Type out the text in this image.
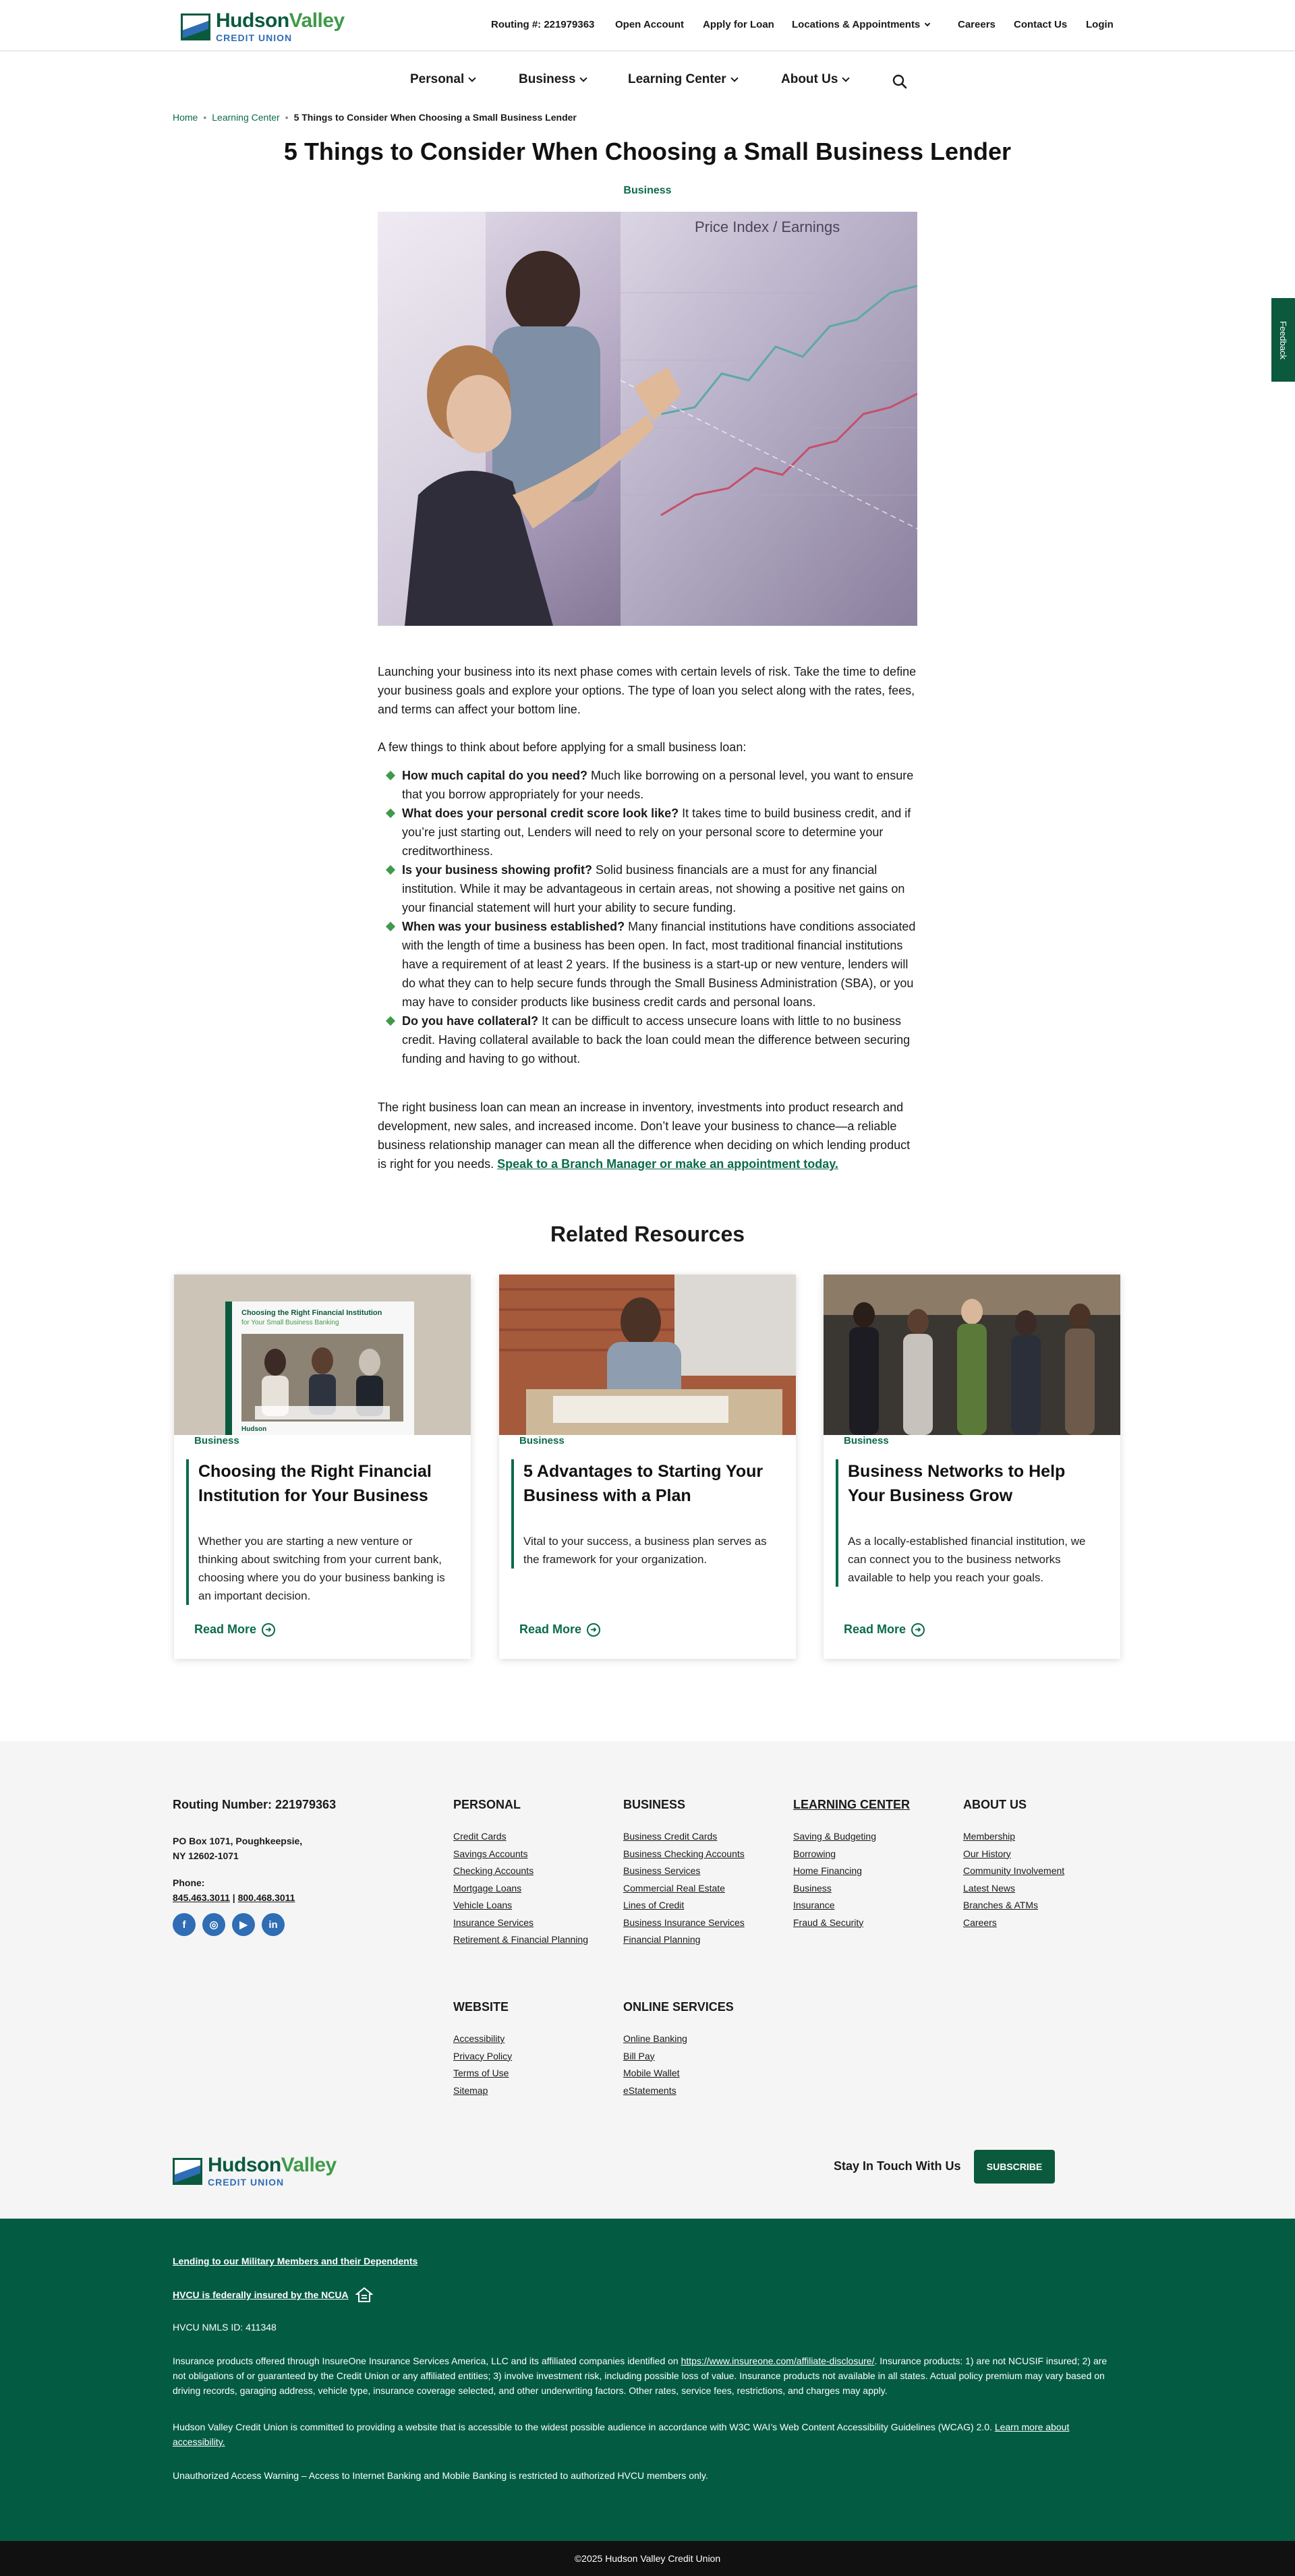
HudsonValley
CREDIT UNION
Routing #: 221979363 Open Account Apply for Loan Locations & Appointments	Careers Contact Us Login
Personal	Business	Learning Center	About Us
Home • Learning Center • 5 Things to Consider When Choosing a Small Business Lender
5 Things to Consider When Choosing a Small Business Lender
Business
Price Index / Earnings

Launching your business into its next phase comes with certain levels of risk. Take the time to define your business goals and explore your options. The type of loan you select along with the rates, fees, and terms can affect your bottom line.

A few things to think about before applying for a small business loan:

How much capital do you need? Much like borrowing on a personal level, you want to ensure that you borrow appropriately for your needs.
What does your personal credit score look like? It takes time to build business credit, and if you’re just starting out, Lenders will need to rely on your personal score to determine your creditworthiness.
Is your business showing profit? Solid business financials are a must for any financial institution. While it may be advantageous in certain areas, not showing a positive net gains on your financial statement will hurt your ability to secure funding.
When was your business established? Many financial institutions have conditions associated with the length of time a business has been open. In fact, most traditional financial institutions have a requirement of at least 2 years. If the business is a start-up or new venture, lenders will do what they can to help secure funds through the Small Business Administration (SBA), or you may have to consider products like business credit cards and personal loans.
Do you have collateral? It can be difficult to access unsecure loans with little to no business credit. Having collateral available to back the loan could mean the difference between securing funding and having to go without.

The right business loan can mean an increase in inventory, investments into product research and development, new sales, and increased income. Don’t leave your business to chance—a reliable business relationship manager can mean all the difference when deciding on which lending product is right for you needs. Speak to a Branch Manager or make an appointment today.

Related Resources
Choosing the Right Financial Institution
for Your Small Business Banking
Hudson
Business
Choosing the Right Financial Institution for Your Business
Whether you are starting a new venture or thinking about switching from your current bank, choosing where you do your business banking is an important decision.
Read More	➜
Business
5 Advantages to Starting Your Business with a Plan
Vital to your success, a business plan serves as the framework for your organization.
Read More	➜
Business
Business Networks to Help Your Business Grow
As a locally-established financial institution, we can connect you to the business networks available to help you reach your goals.
Read More	➜
Routing Number: 221979363
PO Box 1071, Poughkeepsie,
NY 12602-1071
Phone:
845.463.3011 | 800.468.3011
f	◎	▶	in
PERSONAL
Credit Cards
Savings Accounts
Checking Accounts
Mortgage Loans
Vehicle Loans
Insurance Services
Retirement & Financial Planning
BUSINESS
Business Credit Cards
Business Checking Accounts
Business Services
Commercial Real Estate
Lines of Credit
Business Insurance Services
Financial Planning
LEARNING CENTER
Saving & Budgeting
Borrowing
Home Financing
Business
Insurance
Fraud & Security
ABOUT US
Membership
Our History
Community Involvement
Latest News
Branches & ATMs
Careers
WEBSITE
Accessibility
Privacy Policy
Terms of Use
Sitemap
ONLINE SERVICES
Online Banking
Bill Pay
Mobile Wallet
eStatements
HudsonValley
CREDIT UNION
Stay In Touch With Us	SUBSCRIBE

Lending to our Military Members and their Dependents

HVCU is federally insured by the NCUA

HVCU NMLS ID: 411348

Insurance products offered through InsureOne Insurance Services America, LLC and its affiliated companies identified on https://www.insureone.com/affiliate-disclosure/. Insurance products: 1) are not NCUSIF insured; 2) are not obligations of or guaranteed by the Credit Union or any affiliated entities; 3) involve investment risk, including possible loss of value. Insurance products not available in all states. Actual policy premium may vary based on driving records, garaging address, vehicle type, insurance coverage selected, and other underwriting factors. Other rates, service fees, restrictions, and charges may apply.

Hudson Valley Credit Union is committed to providing a website that is accessible to the widest possible audience in accordance with W3C WAI’s Web Content Accessibility Guidelines (WCAG) 2.0. Learn more about accessibility.

Unauthorized Access Warning – Access to Internet Banking and Mobile Banking is restricted to authorized HVCU members only.

©2025 Hudson Valley Credit Union
Feedback
